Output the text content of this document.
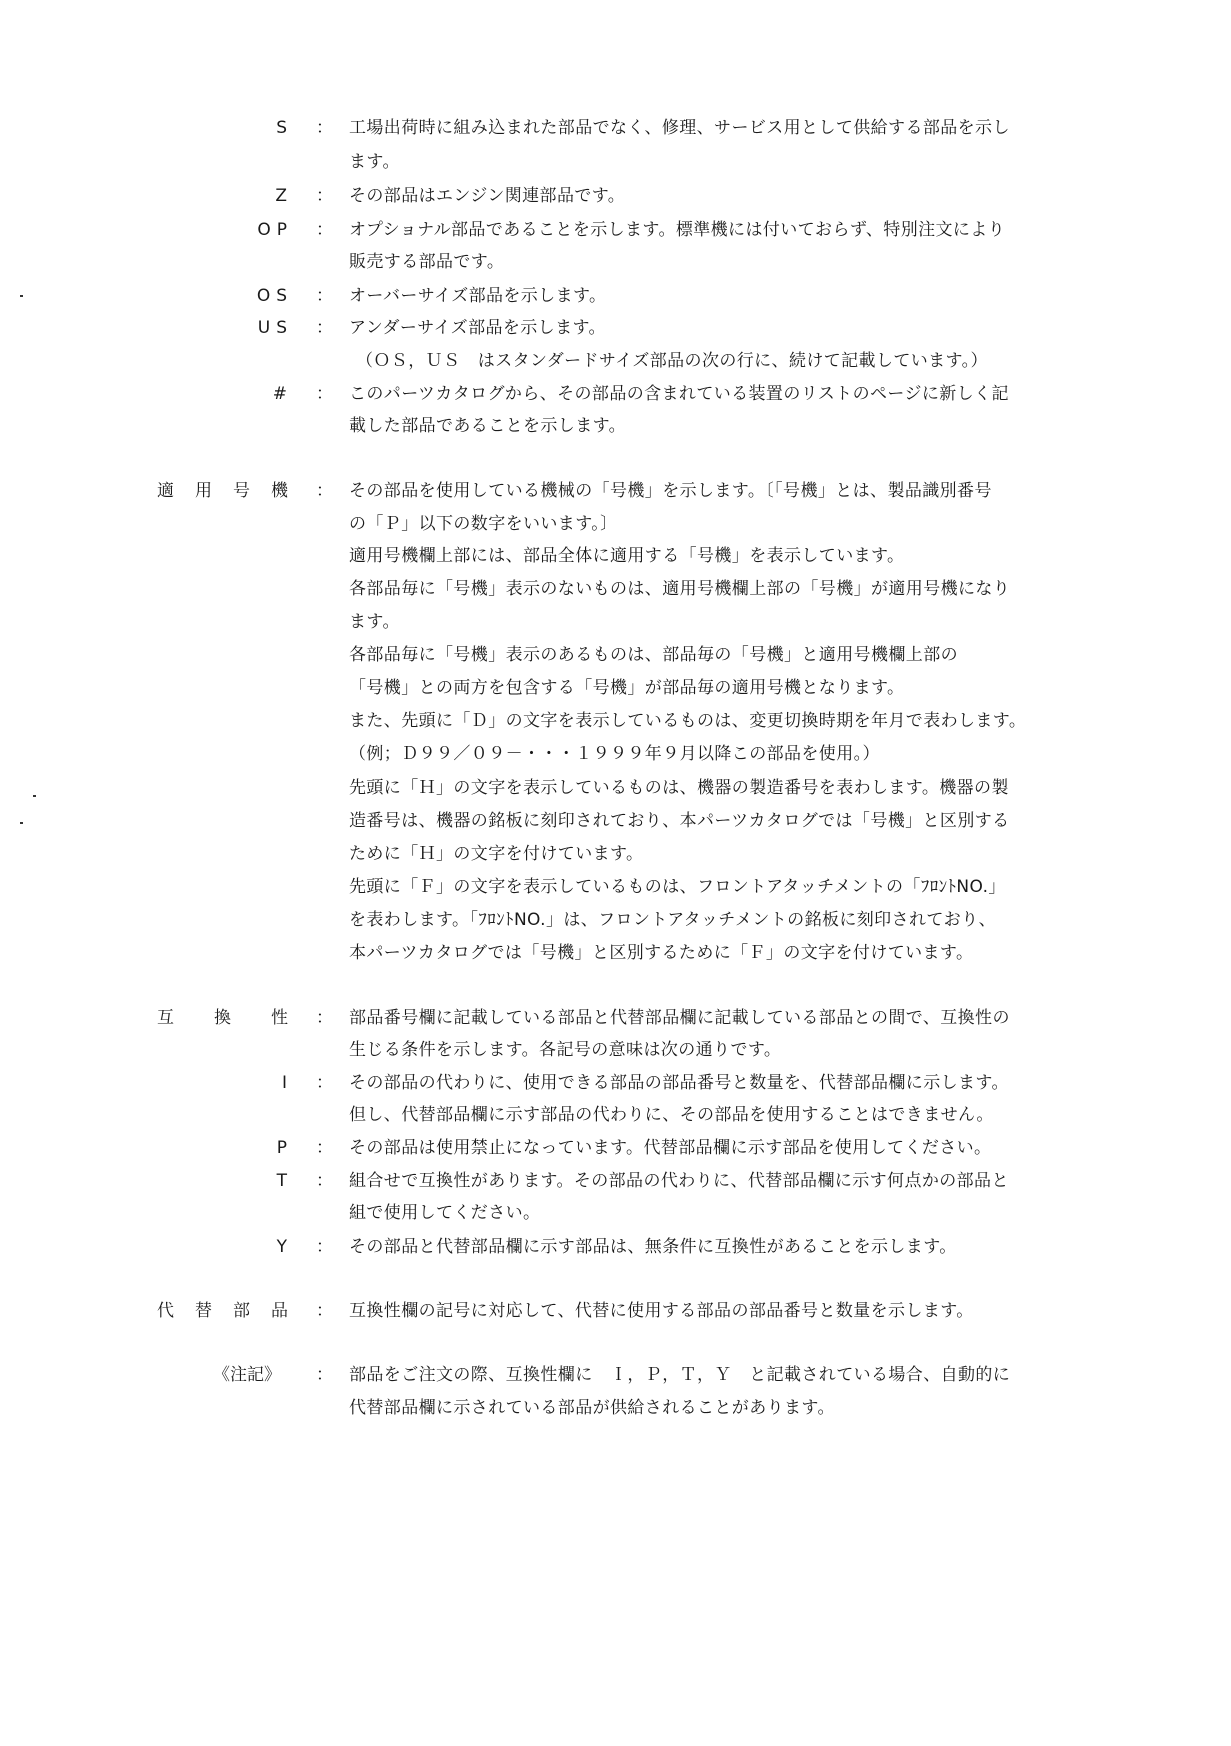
S ： 工場出荷時に組み込まれた部品でなく、修理、サービス用として供給する部品を示し
ます。
Z ： その部品はエンジン関連部品です。
OP ： オプショナル部品であることを示します。標準機には付いておらず、特別注文により
販売する部品です。
OS ： オーバーサイズ部品を示します。
US ： アンダーサイズ部品を示します。
（ＯＳ，ＵＳ　はスタンダードサイズ部品の次の行に、続けて記載しています。）
# ： このパーツカタログから、その部品の含まれている装置のリストのページに新しく記
載した部品であることを示します。
適 用 号 機 ： その部品を使用している機械の「号機」を示します。〔「号機」とは、製品識別番号
の「Ｐ」以下の数字をいいます。〕
適用号機欄上部には、部品全体に適用する「号機」を表示しています。
各部品毎に「号機」表示のないものは、適用号機欄上部の「号機」が適用号機になり
ます。
各部品毎に「号機」表示のあるものは、部品毎の「号機」と適用号機欄上部の
「号機」との両方を包含する「号機」が部品毎の適用号機となります。
また、先頭に「Ｄ」の文字を表示しているものは、変更切換時期を年月で表わします。
（例；Ｄ９９／０９－・・・１９９９年９月以降この部品を使用。）
先頭に「Ｈ」の文字を表示しているものは、機器の製造番号を表わします。機器の製
造番号は、機器の銘板に刻印されており、本パーツカタログでは「号機」と区別する
ために「Ｈ」の文字を付けています。
先頭に「Ｆ」の文字を表示しているものは、フロントアタッチメントの「ﾌﾛﾝﾄNO.」
を表わします。「ﾌﾛﾝﾄNO.」は、フロントアタッチメントの銘板に刻印されており、
本パーツカタログでは「号機」と区別するために「Ｆ」の文字を付けています。
互 換 性 ： 部品番号欄に記載している部品と代替部品欄に記載している部品との間で、互換性の
生じる条件を示します。各記号の意味は次の通りです。
I ： その部品の代わりに、使用できる部品の部品番号と数量を、代替部品欄に示します。
但し、代替部品欄に示す部品の代わりに、その部品を使用することはできません。
P ： その部品は使用禁止になっています。代替部品欄に示す部品を使用してください。
T ： 組合せで互換性があります。その部品の代わりに、代替部品欄に示す何点かの部品と
組で使用してください。
Y ： その部品と代替部品欄に示す部品は、無条件に互換性があることを示します。
代 替 部 品 ： 互換性欄の記号に対応して、代替に使用する部品の部品番号と数量を示します。
《注記》 ： 部品をご注文の際、互換性欄に　Ｉ，Ｐ，Ｔ，Ｙ　と記載されている場合、自動的に
代替部品欄に示されている部品が供給されることがあります。
